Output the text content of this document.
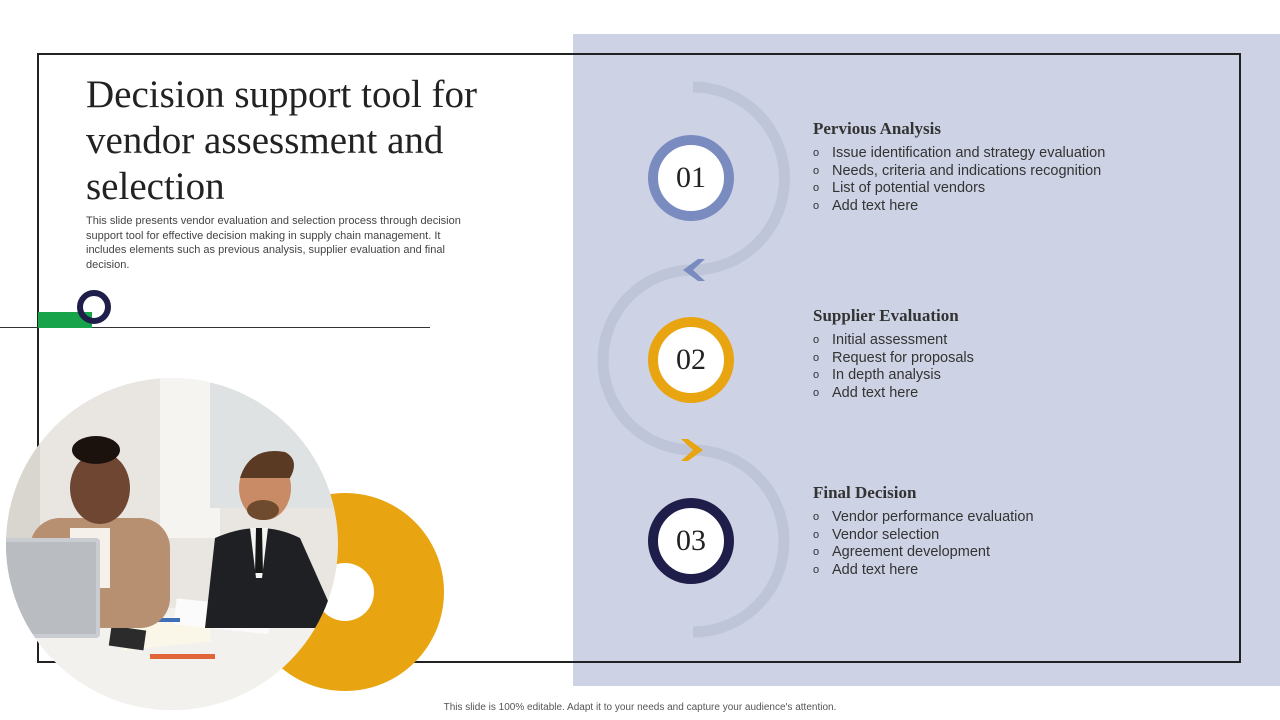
Decision support tool for vendor assessment and selection

This slide presents vendor evaluation and selection process through decision support tool for effective decision making in supply chain management. It includes elements such as previous analysis, supplier evaluation and final decision.

01
02
03
Pervious Analysis
o Issue identification and strategy evaluation
o Needs, criteria and indications recognition
o List of potential vendors
o Add text here
Supplier Evaluation
o Initial assessment
o Request for proposals
o In depth analysis
o Add text here
Final Decision
o Vendor performance evaluation
o Vendor selection
o Agreement development
o Add text here
This slide is 100% editable. Adapt it to your needs and capture your audience's attention.
